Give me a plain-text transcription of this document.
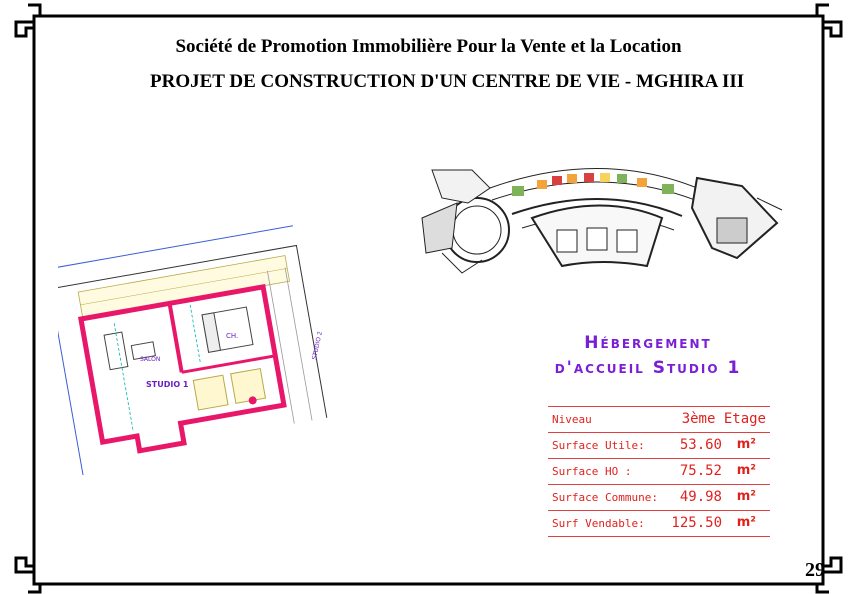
Société de Promotion Immobilière Pour la Vente et la Location
PROJET DE CONSTRUCTION D'UN CENTRE DE VIE - MGHIRA III
SALON
CH.
STUDIO 1
STUDIO 2	Hébergement
d'accueil Studio 1
Niveau	3ème Etage
Surface Utile:	53.60 m²
Surface HO :	75.52 m²
Surface Commune: 49.98 m²
Surf Vendable: 125.50 m²
29
